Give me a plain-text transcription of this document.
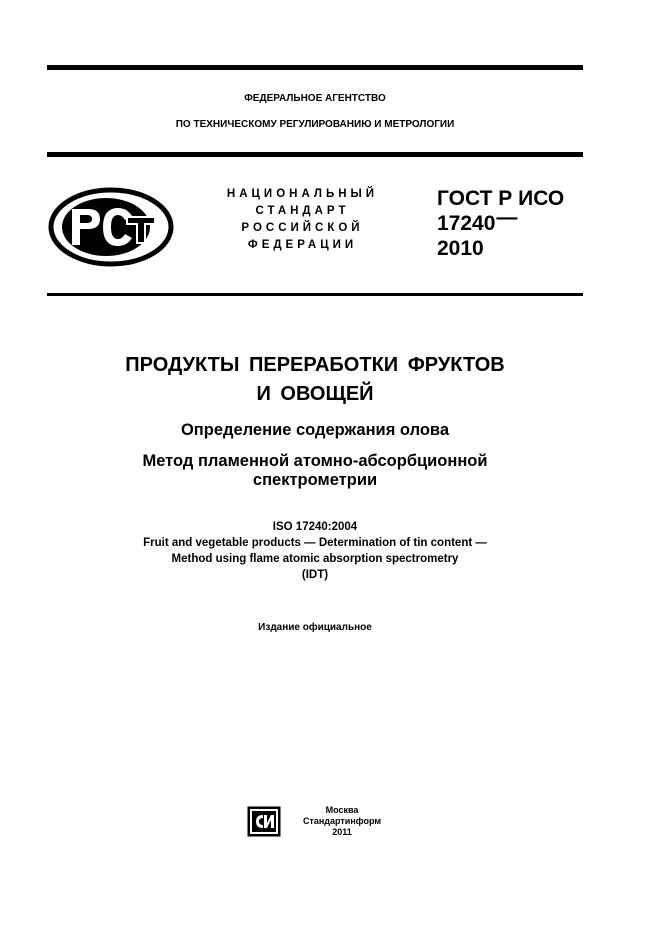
ФЕДЕРАЛЬНОЕ АГЕНТСТВО
ПО ТЕХНИЧЕСКОМУ РЕГУЛИРОВАНИЮ И МЕТРОЛОГИИ
НАЦИОНАЛЬНЫЙ
СТАНДАРТ
РОССИЙСКОЙ
ФЕДЕРАЦИИ
ГОСТ Р ИСО
17240—
2010
ПРОДУКТЫ ПЕРЕРАБОТКИ ФРУКТОВ
И ОВОЩЕЙ
Определение содержания олова
Метод пламенной атомно-абсорбционной
спектрометрии
ISO 17240:2004
Fruit and vegetable products — Determination of tin content —
Method using flame atomic absorption spectrometry
(IDT)
Издание официальное
Москва
Стандартинформ
2011
